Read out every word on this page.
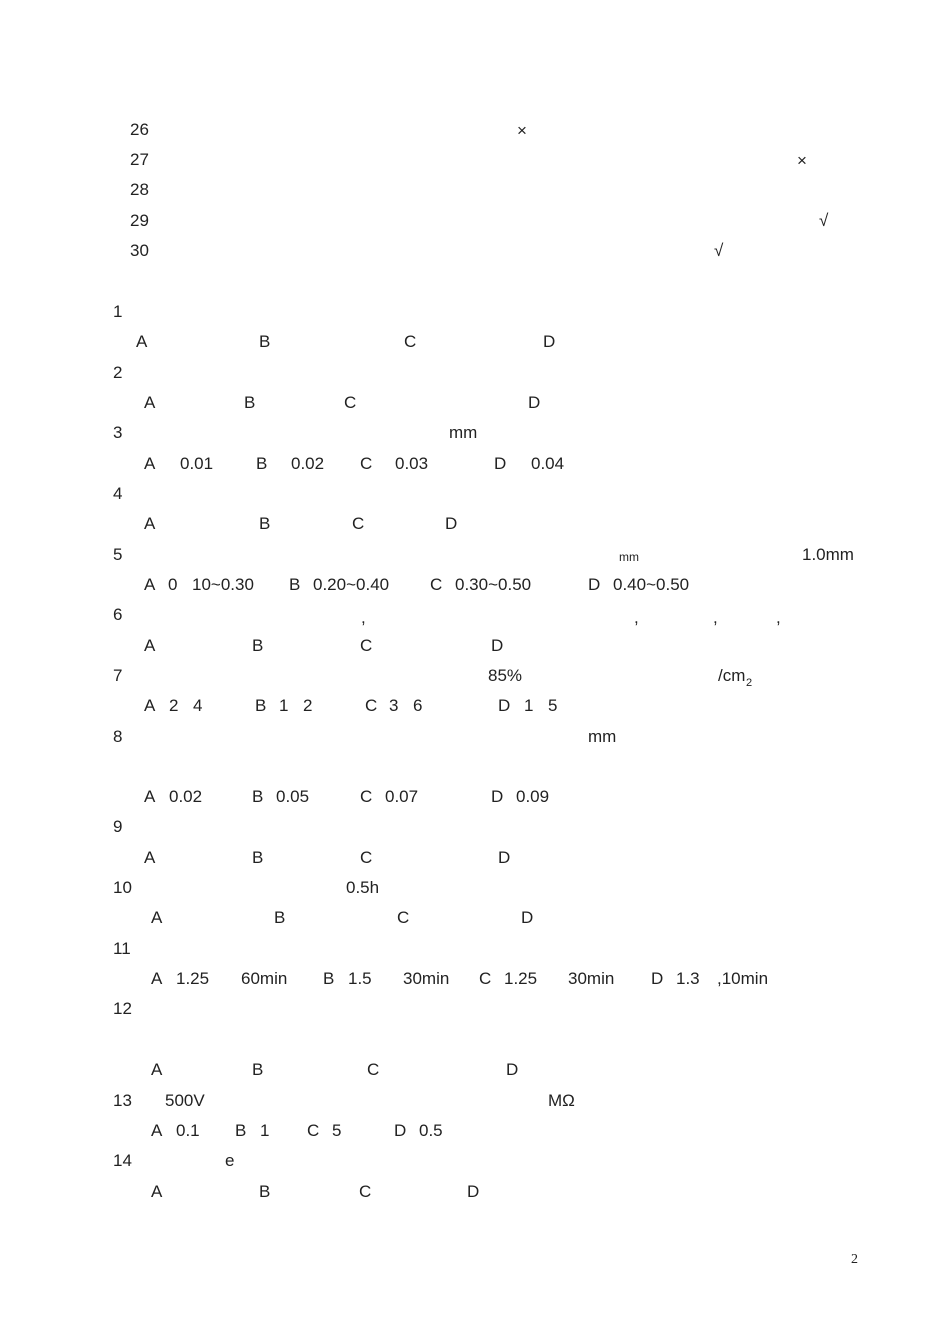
26	×
27	×
28
29	√
30	√
1
A	B	C	D
2
A	B	C	D
3	mm
A 0.01	B 0.02 C 0.03	D 0.04
4
A	B	C	D
5	mm	1.0mm
A 0 10~0.30 B 0.20~0.40 C 0.30~0.50	D 0.40~0.50
6	,	,	,	,
A	B	C	D
7	85%	/cm 2
A 2 4	B 1 2	C 3 6	D 1 5
8	mm
A 0.02	B 0.05	C 0.07	D 0.09
9
A	B	C	D
10	0.5h
A	B	C	D
11
A 1.25 60min B 1.5 30min C 1.25 30min D 1.3 ,10min
12
A	B	C	D
13 500V	MΩ
A 0.1 B 1 C 5	D 0.5
14	e
A	B	C	D
2
